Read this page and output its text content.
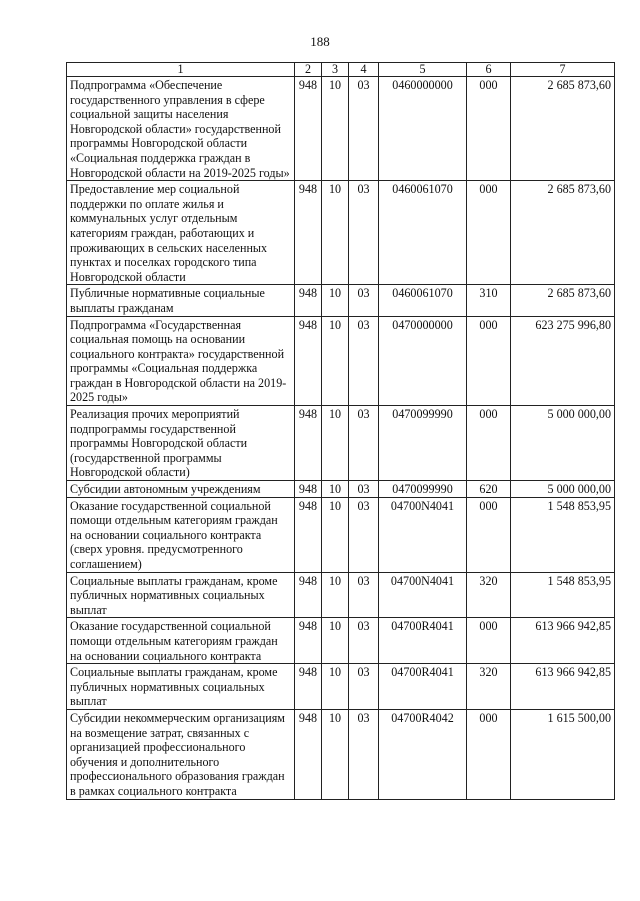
188
1	2	3	4	5	6	7
Подпрограмма «Обеспечение государственного управления в сфере социальной защиты населения Новгородской области» государственной программы Новгородской области «Социальная поддержка граждан в Новгородской области на 2019-2025 годы»	948	10	03	0460000000	000	2 685 873,60
Предоставление мер социальной поддержки по оплате жилья и коммунальных услуг отдельным категориям граждан, работающих и проживающих в сельских населенных пунктах и поселках городского типа Новгородской области	948	10	03	0460061070	000	2 685 873,60
Публичные нормативные социальные выплаты гражданам	948	10	03	0460061070	310	2 685 873,60
Подпрограмма «Государственная социальная помощь на основании социального контракта» государственной программы «Социальная поддержка граждан в Новгородской области на 2019-2025 годы»	948	10	03	0470000000	000	623 275 996,80
Реализация прочих мероприятий подпрограммы государственной программы Новгородской области (государственной программы Новгородской области)	948	10	03	0470099990	000	5 000 000,00
Субсидии автономным учреждениям	948	10	03	0470099990	620	5 000 000,00
Оказание государственной социальной помощи отдельным категориям граждан на основании социального контракта (сверх уровня. предусмотренного соглашением)	948	10	03	04700N4041	000	1 548 853,95
Социальные выплаты гражданам, кроме публичных нормативных социальных выплат	948	10	03	04700N4041	320	1 548 853,95
Оказание государственной социальной помощи отдельным категориям граждан на основании социального контракта	948	10	03	04700R4041	000	613 966 942,85
Социальные выплаты гражданам, кроме публичных нормативных социальных выплат	948	10	03	04700R4041	320	613 966 942,85
Субсидии некоммерческим организациям на возмещение затрат, связанных с организацией профессионального обучения и дополнительного профессионального образования граждан в рамках социального контракта	948	10	03	04700R4042	000	1 615 500,00
